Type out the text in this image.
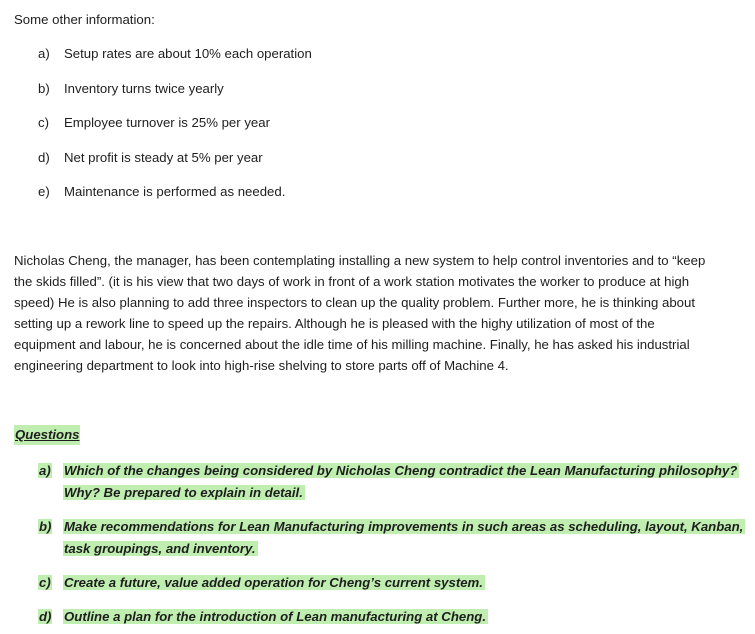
Some other information:
a) Setup rates are about 10% each operation
b) Inventory turns twice yearly
c) Employee turnover is 25% per year
d) Net profit is steady at 5% per year
e) Maintenance is performed as needed.

Nicholas Cheng, the manager, has been contemplating installing a new system to help control inventories and to “keep
the skids filled”. (it is his view that two days of work in front of a work station motivates the worker to produce at high
speed) He is also planning to add three inspectors to clean up the quality problem. Further more, he is thinking about
setting up a rework line to speed up the repairs. Although he is pleased with the highy utilization of most of the
equipment and labour, he is concerned about the idle time of his milling machine. Finally, he has asked his industrial
engineering department to look into high-rise shelving to store parts off of Machine 4.

Questions
a)	Which of the changes being considered by Nicholas Cheng contradict the Lean Manufacturing philosophy?
Why? Be prepared to explain in detail.
b) Make recommendations for Lean Manufacturing improvements in such areas as scheduling, layout, Kanban,
task groupings, and inventory.
c)	Create a future, value added operation for Cheng’s current system.
d) Outline a plan for the introduction of Lean manufacturing at Cheng.
